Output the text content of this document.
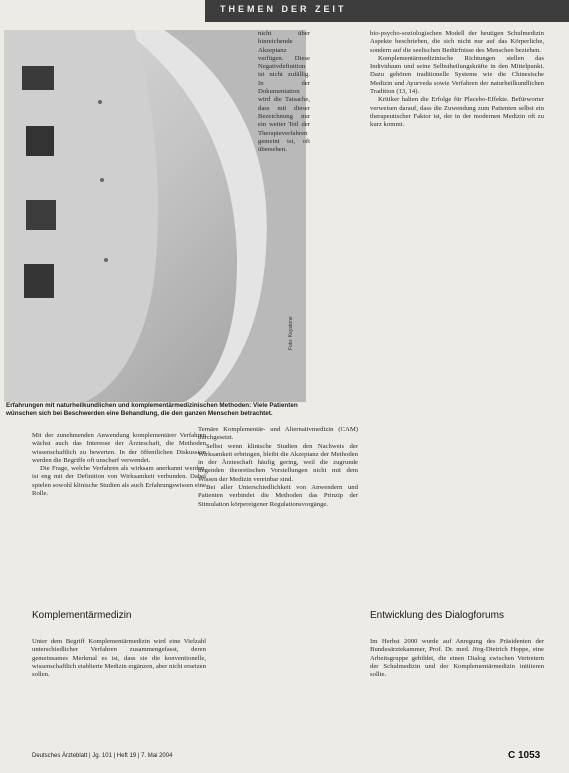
THEMEN DER ZEIT
Foto: Keystone
Erfahrungen mit naturheilkundlichen und komplementärmedizinischen Methoden: Viele Patienten wünschen sich bei Beschwerden eine Behandlung, die den ganzen Menschen betrachtet.

nicht über hinreichende Akzeptanz verfügen. Diese Negativdefinition ist nicht zufällig. In der Dokumentation wird die Tatsache, dass mit dieser Bezeichnung nur ein weiter Teil der Therapieverfahren gemeint ist, oft übersehen.

bio-psycho-soziologischen Modell der heutigen Schulmedizin Aspekte beschrieben, die sich nicht nur auf das Körperliche, sondern auf die seelischen Bedürfnisse des Menschen beziehen.

Komplementärmedizinische Richtungen stellen das Individuum und seine Selbstheilungskräfte in den Mittelpunkt. Dazu gehören traditionelle Systeme wie die Chinesische Medizin und Ayurveda sowie Verfahren der naturheilkundlichen Tradition (13, 14).

Kritiker halten die Erfolge für Placebo-Effekte. Befürworter verweisen darauf, dass die Zuwendung zum Patienten selbst ein therapeutischer Faktor ist, der in der modernen Medizin oft zu kurz kommt.

Mit der zunehmenden Anwendung komplementärer Verfahren wächst auch das Interesse der Ärzteschaft, die Methoden wissenschaftlich zu bewerten. In der öffentlichen Diskussion werden die Begriffe oft unscharf verwendet.

Die Frage, welche Verfahren als wirksam anerkannt werden, ist eng mit der Definition von Wirksamkeit verbunden. Dabei spielen sowohl klinische Studien als auch Erfahrungswissen eine Rolle.

Ternäre Komplementär- und Alternativmedizin (CAM) durchgesetzt.

Selbst wenn klinische Studien den Nachweis der Wirksamkeit erbringen, bleibt die Akzeptanz der Methoden in der Ärzteschaft häufig gering, weil die zugrunde liegenden theoretischen Vorstellungen nicht mit dem Wissen der Medizin vereinbar sind.

Bei aller Unterschiedlichkeit von Anwendern und Patienten verbindet die Methoden das Prinzip der Stimulation körpereigener Regulationsvorgänge.

Komplementärmedizin	Entwicklung des Dialogforums

Unter dem Begriff Komplementärmedizin wird eine Vielzahl unterschiedlicher Verfahren zusammengefasst, deren gemeinsames Merkmal es ist, dass sie die konventionelle, wissenschaftlich etablierte Medizin ergänzen, aber nicht ersetzen sollen.

Im Herbst 2000 wurde auf Anregung des Präsidenten der Bundesärztekammer, Prof. Dr. med. Jörg-Dietrich Hoppe, eine Arbeitsgruppe gebildet, die einen Dialog zwischen Vertretern der Schulmedizin und der Komplementärmedizin initiieren sollte.

Deutsches Ärzteblatt | Jg. 101 | Heft 19 | 7. Mai 2004	C 1053
